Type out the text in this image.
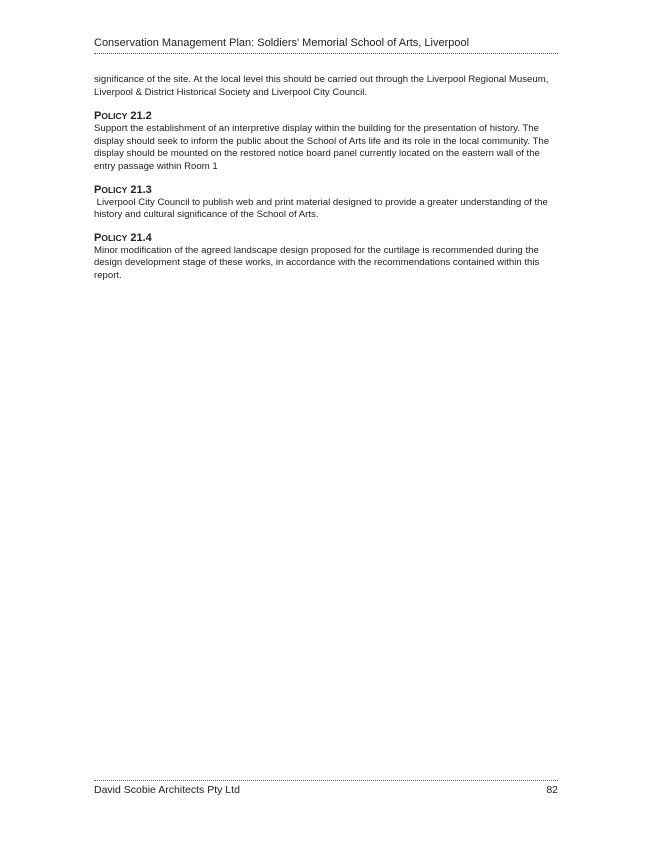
Conservation Management Plan: Soldiers' Memorial School of Arts, Liverpool

significance of the site. At the local level this should be carried out through the Liverpool Regional Museum, Liverpool & District Historical Society and Liverpool City Council.

POLICY 21.2

Support the establishment of an interpretive display within the building for the presentation of history. The display should seek to inform the public about the School of Arts life and its role in the local community. The display should be mounted on the restored notice board panel currently located on the eastern wall of the entry passage within Room 1

POLICY 21.3

Liverpool City Council to publish web and print material designed to provide a greater understanding of the history and cultural significance of the School of Arts.

POLICY 21.4

Minor modification of the agreed landscape design proposed for the curtilage is recommended during the design development stage of these works, in accordance with the recommendations contained within this report.

David Scobie Architects Pty Ltd	82
